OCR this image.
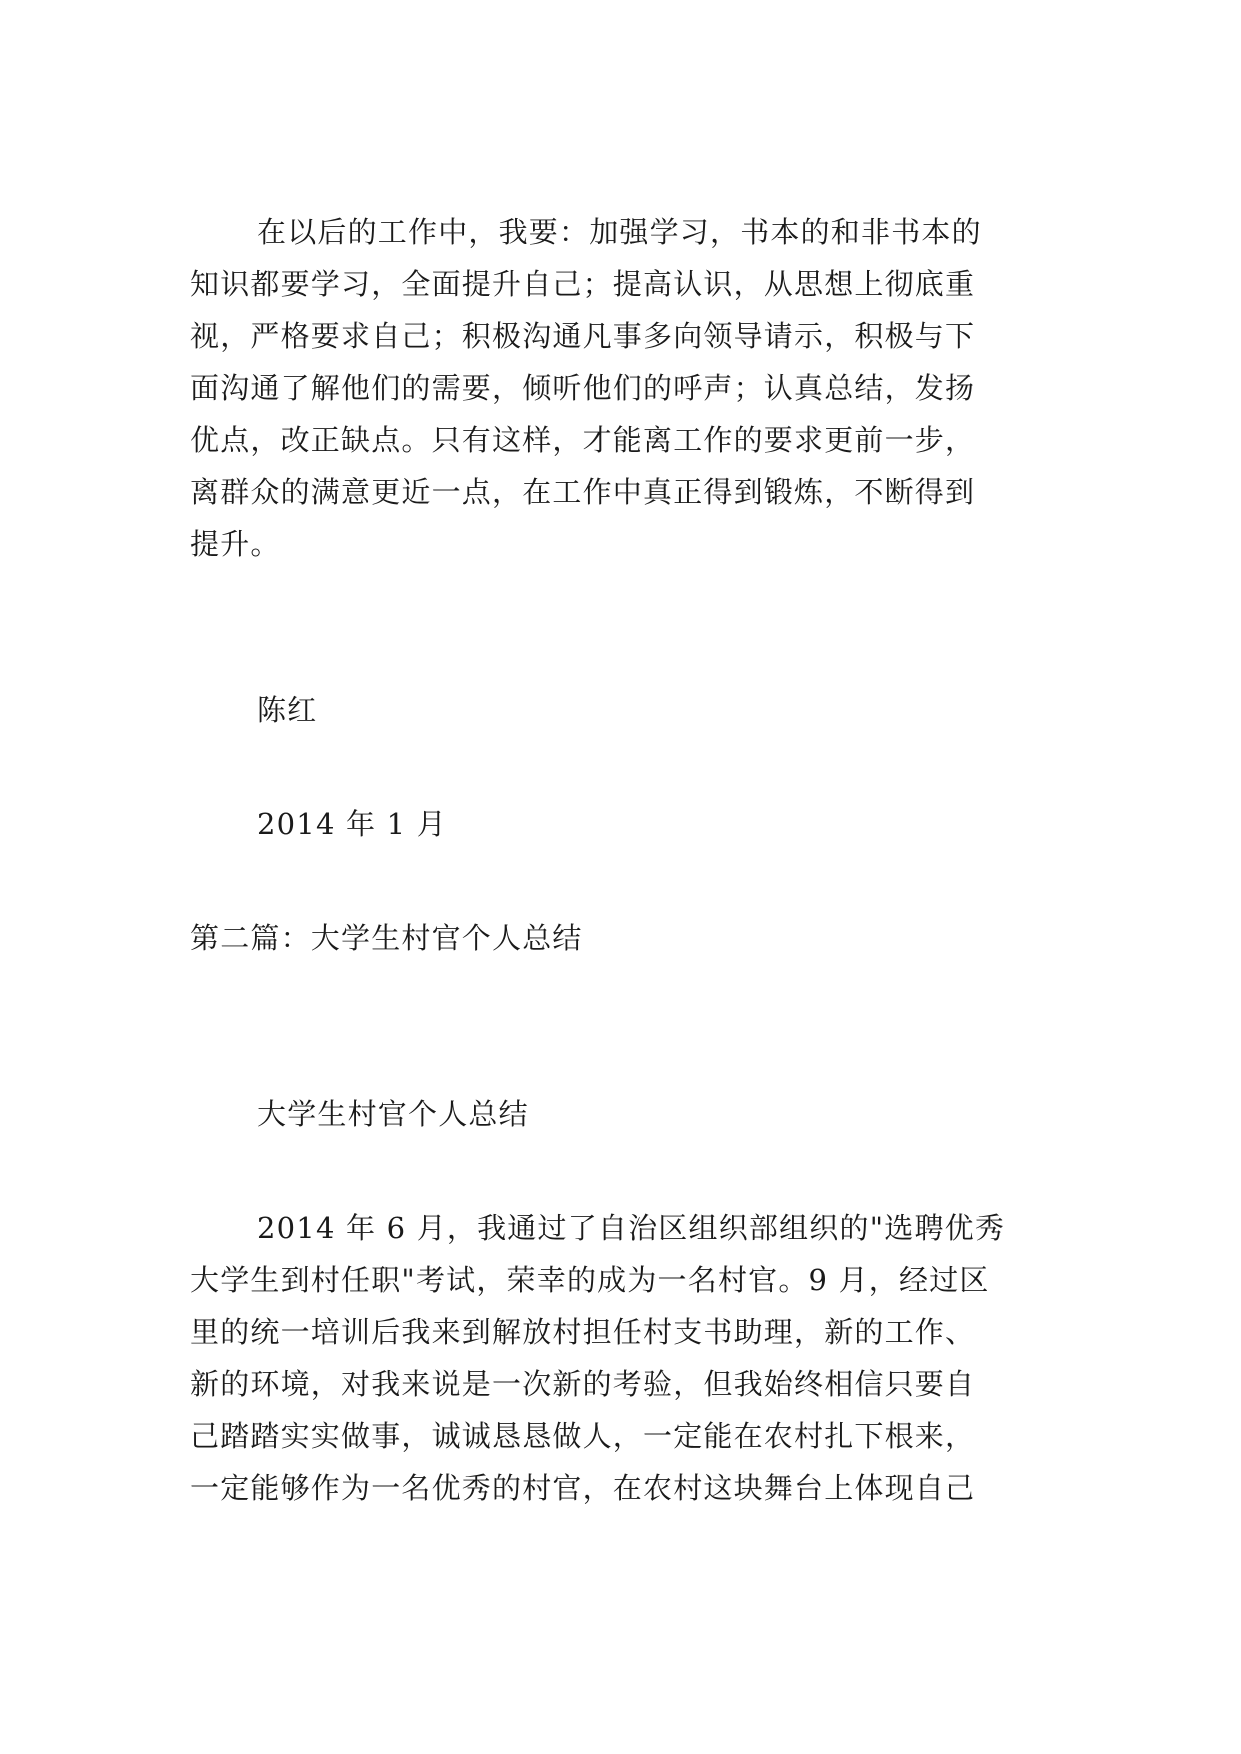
在以后的工作中，我要：加强学习，书本的和非书本的
知识都要学习，全面提升自己；提高认识，从思想上彻底重
视，严格要求自己；积极沟通凡事多向领导请示，积极与下
面沟通了解他们的需要，倾听他们的呼声；认真总结，发扬
优点，改正缺点。只有这样，才能离工作的要求更前一步，
离群众的满意更近一点，在工作中真正得到锻炼，不断得到
提升。
陈红
2014 年 1 月
第二篇：大学生村官个人总结
大学生村官个人总结
2014 年 6 月，我通过了自治区组织部组织的"选聘优秀
大学生到村任职"考试，荣幸的成为一名村官。9 月，经过区
里的统一培训后我来到解放村担任村支书助理，新的工作、
新的环境，对我来说是一次新的考验，但我始终相信只要自
己踏踏实实做事，诚诚恳恳做人，一定能在农村扎下根来，
一定能够作为一名优秀的村官，在农村这块舞台上体现自己
